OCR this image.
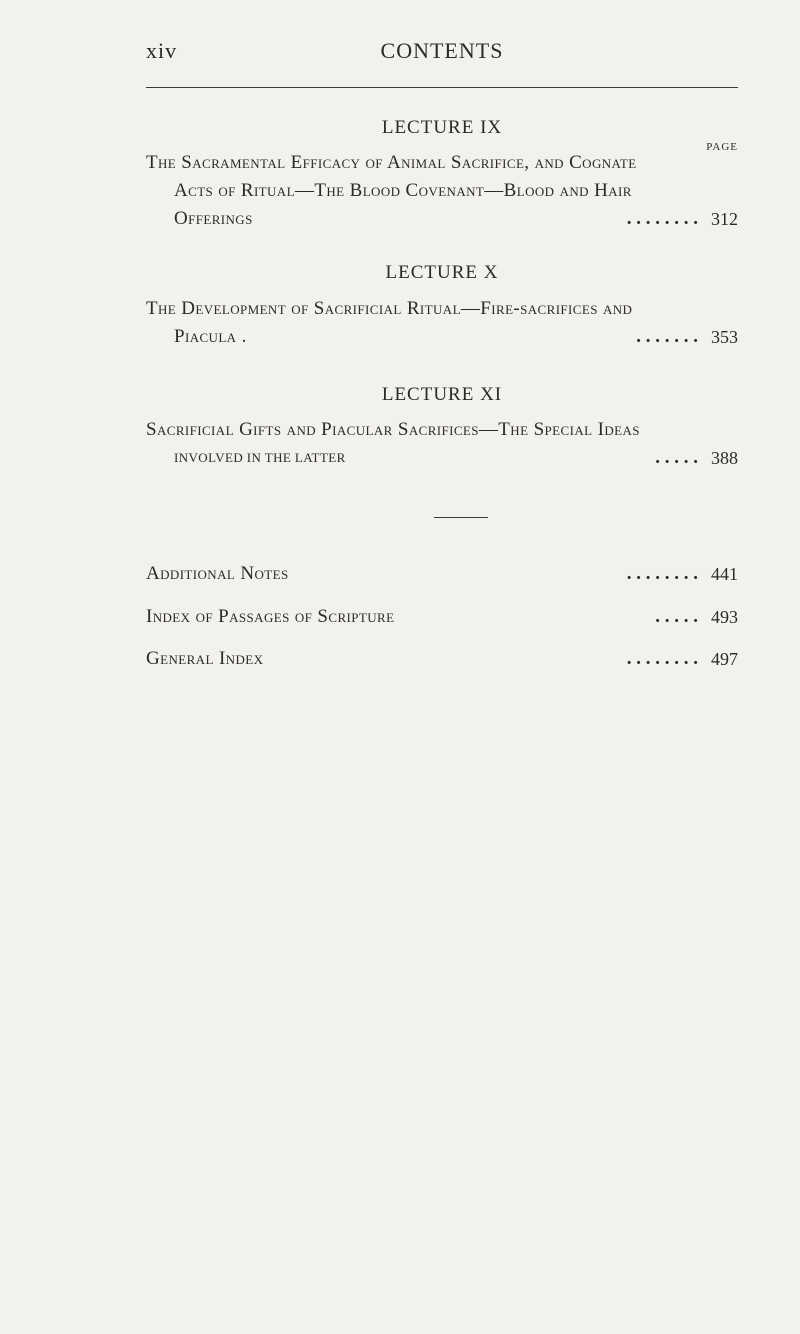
xiv	CONTENTS
LECTURE IX
PAGE
The Sacramental Efficacy of Animal Sacrifice, and Cognate
Acts of Ritual—The Blood Covenant—Blood and Hair
Offerings	. . . . . . . . 312
LECTURE X
The Development of Sacrificial Ritual—Fire-sacrifices and
Piacula .	. . . . . . . 353
LECTURE XI
Sacrificial Gifts and Piacular Sacrifices—The Special Ideas
INVOLVED IN THE LATTER	. . . . . 388
Additional Notes	. . . . . . . . 441
Index of Passages of Scripture	. . . . . 493
General Index	. . . . . . . . 497
